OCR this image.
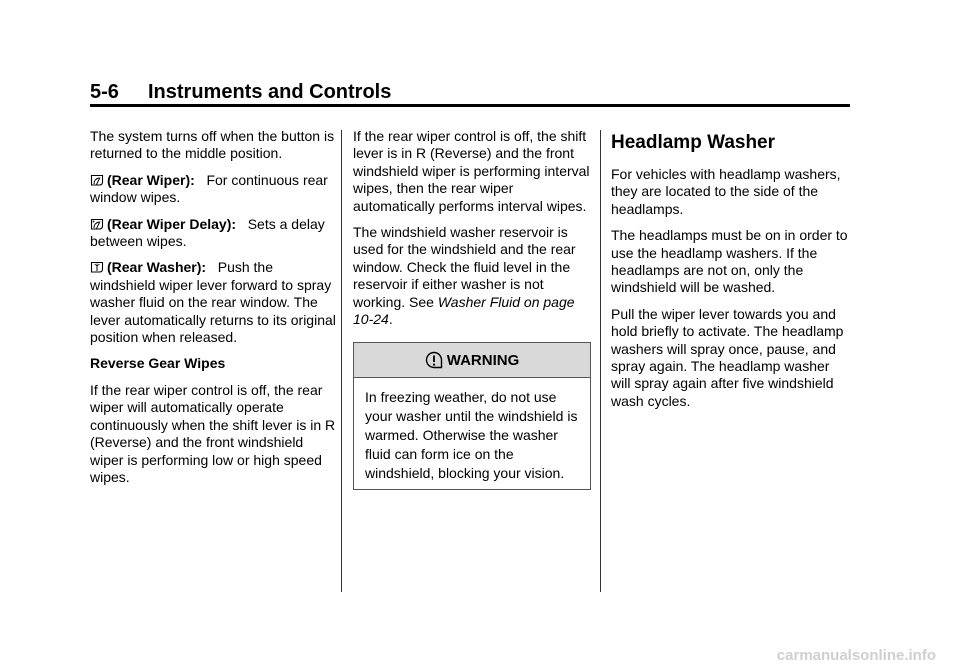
5-6 Instruments and Controls

The system turns off when the button is returned to the middle position.

(Rear Wiper): For continuous rear window wipes.

(Rear Wiper Delay): Sets a delay between wipes.

(Rear Washer): Push the windshield wiper lever forward to spray washer fluid on the rear window. The lever automatically returns to its original position when released.

Reverse Gear Wipes

If the rear wiper control is off, the rear wiper will automatically operate continuously when the shift lever is in R (Reverse) and the front windshield wiper is performing low or high speed wipes.

If the rear wiper control is off, the shift lever is in R (Reverse) and the front windshield wiper is performing interval wipes, then the rear wiper automatically performs interval wipes.

The windshield washer reservoir is used for the windshield and the rear window. Check the fluid level in the reservoir if either washer is not working. See Washer Fluid on page 10-24.

WARNING
In freezing weather, do not use your washer until the windshield is warmed. Otherwise the washer fluid can form ice on the windshield, blocking your vision.
Headlamp Washer

For vehicles with headlamp washers, they are located to the side of the headlamps.

The headlamps must be on in order to use the headlamp washers. If the headlamps are not on, only the windshield will be washed.

Pull the wiper lever towards you and hold briefly to activate. The headlamp washers will spray once, pause, and spray again. The headlamp washer will spray again after five windshield wash cycles.

carmanualsonline.info
